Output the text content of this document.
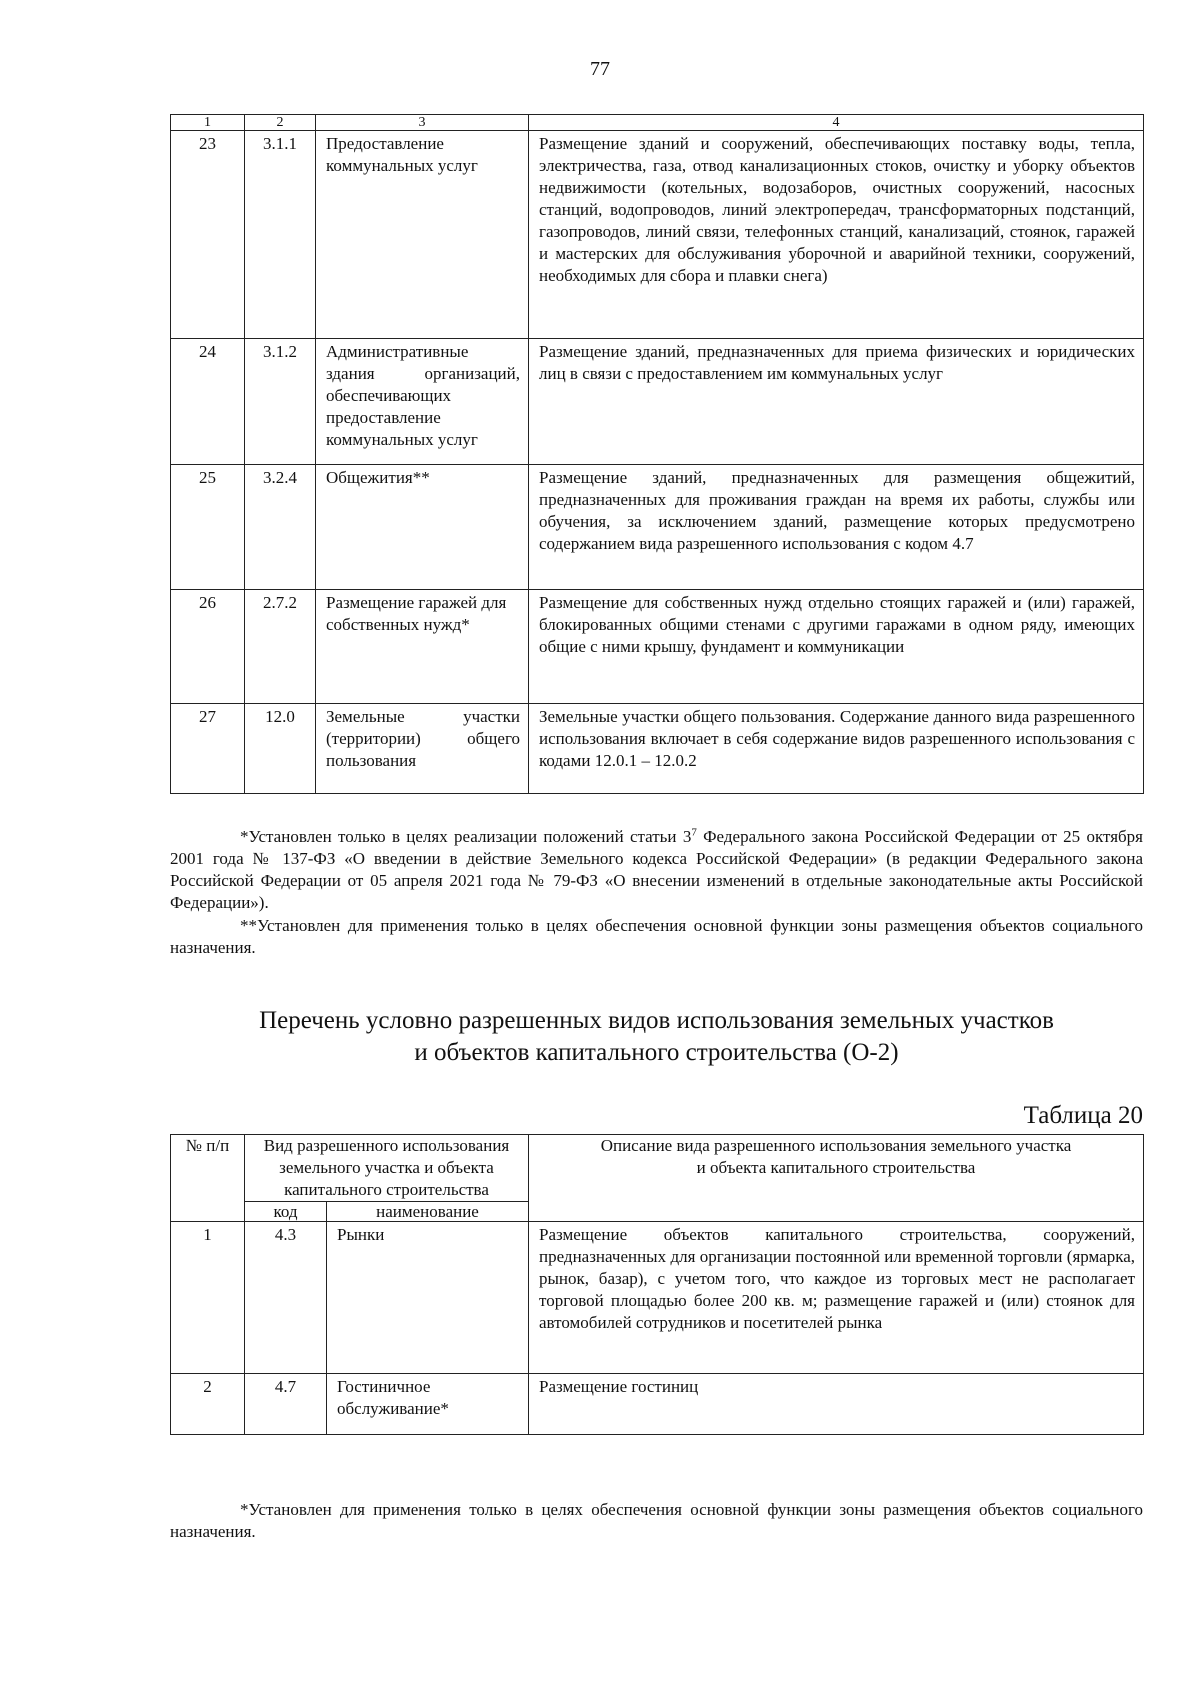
77
1	2	3	4
23	3.1.1	Предоставление коммунальных услуг	Размещение зданий и сооружений, обеспечивающих поставку воды, тепла, электричества, газа, отвод канализационных стоков, очистку и уборку объектов недвижимости (котельных, водозаборов, очистных сооружений, насосных станций, водопроводов, линий электропередач, трансформаторных подстанций, газопроводов, линий связи, телефонных станций, канализаций, стоянок, гаражей и мастерских для обслуживания уборочной и аварийной техники, сооружений, необходимых для сбора и плавки снега)
24	3.1.2	Административные здания организаций, обеспечивающих предоставление коммунальных услуг	Размещение зданий, предназначенных для приема физических и юридических лиц в связи с предоставлением им коммунальных услуг
25	3.2.4	Общежития**	Размещение зданий, предназначенных для размещения общежитий, предназначенных для проживания граждан на время их работы, службы или обучения, за исключением зданий, размещение которых предусмотрено содержанием вида разрешенного использования с кодом 4.7
26	2.7.2	Размещение гаражей для собственных нужд*	Размещение для собственных нужд отдельно стоящих гаражей и (или) гаражей, блокированных общими стенами с другими гаражами в одном ряду, имеющих общие с ними крышу, фундамент и коммуникации
27	12.0	Земельные участки (территории) общего пользования	Земельные участки общего пользования. Содержание данного вида разрешенного использования включает в себя содержание видов разрешенного использования с кодами 12.0.1 – 12.0.2

*Установлен только в целях реализации положений статьи $3^7$ Федерального закона Российской Федерации от 25 октября 2001 года № 137-ФЗ «О введении в действие Земельного кодекса Российской Федерации» (в редакции Федерального закона Российской Федерации от 05 апреля 2021 года № 79-ФЗ «О внесении изменений в отдельные законодательные акты Российской Федерации»).

**Установлен для применения только в целях обеспечения основной функции зоны размещения объектов социального назначения.

Перечень условно разрешенных видов использования земельных участков
и объектов капитального строительства (О-2)
Таблица 20
№ п/п	Вид разрешенного использования земельного участка и объекта капитального строительства		Описание вида разрешенного использования земельного участка
и объекта капитального строительства
	код	наименование	
1	4.3	Рынки	Размещение объектов капитального строительства, сооружений, предназначенных для организации постоянной или временной торговли (ярмарка, рынок, базар), с учетом того, что каждое из торговых мест не располагает торговой площадью более 200 кв. м; размещение гаражей и (или) стоянок для автомобилей сотрудников и посетителей рынка
2	4.7	Гостиничное обслуживание*	Размещение гостиниц

*Установлен для применения только в целях обеспечения основной функции зоны размещения объектов социального назначения.
